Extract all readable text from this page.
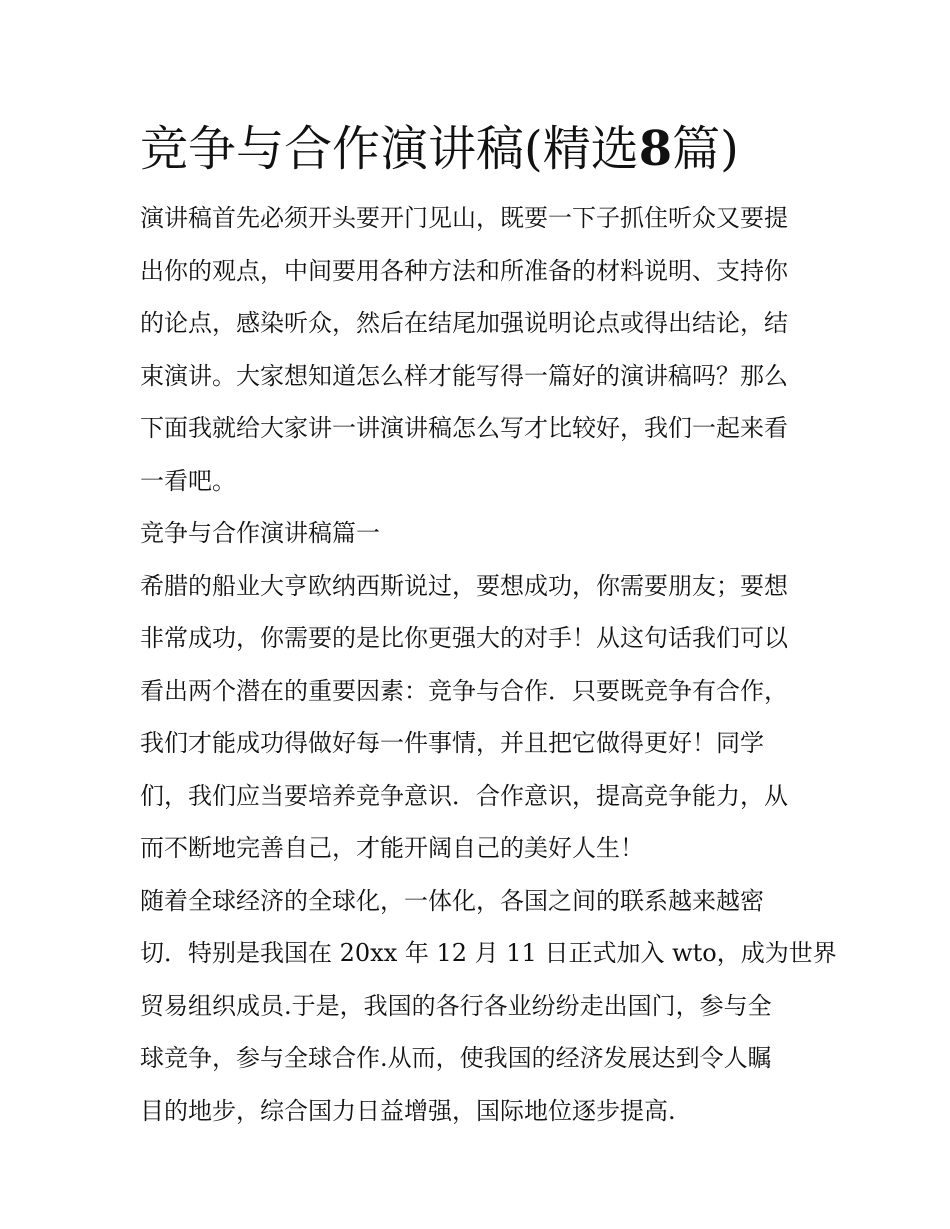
竞争与合作演讲稿(精选8篇)
演讲稿首先必须开头要开门见山，既要一下子抓住听众又要提
出你的观点，中间要用各种方法和所准备的材料说明、支持你
的论点，感染听众，然后在结尾加强说明论点或得出结论，结
束演讲。大家想知道怎么样才能写得一篇好的演讲稿吗？那么
下面我就给大家讲一讲演讲稿怎么写才比较好，我们一起来看
一看吧。
竞争与合作演讲稿篇一
希腊的船业大亨欧纳西斯说过，要想成功，你需要朋友；要想
非常成功，你需要的是比你更强大的对手！从这句话我们可以
看出两个潜在的重要因素：竞争与合作．只要既竞争有合作，
我们才能成功得做好每一件事情，并且把它做得更好！同学
们，我们应当要培养竞争意识．合作意识，提高竞争能力，从
而不断地完善自己，才能开阔自己的美好人生！
随着全球经济的全球化，一体化，各国之间的联系越来越密
切．特别是我国在 20xx 年 12 月 11 日正式加入 wto，成为世界
贸易组织成员.于是，我国的各行各业纷纷走出国门，参与全
球竞争，参与全球合作.从而，使我国的经济发展达到令人瞩
目的地步，综合国力日益增强，国际地位逐步提高.
